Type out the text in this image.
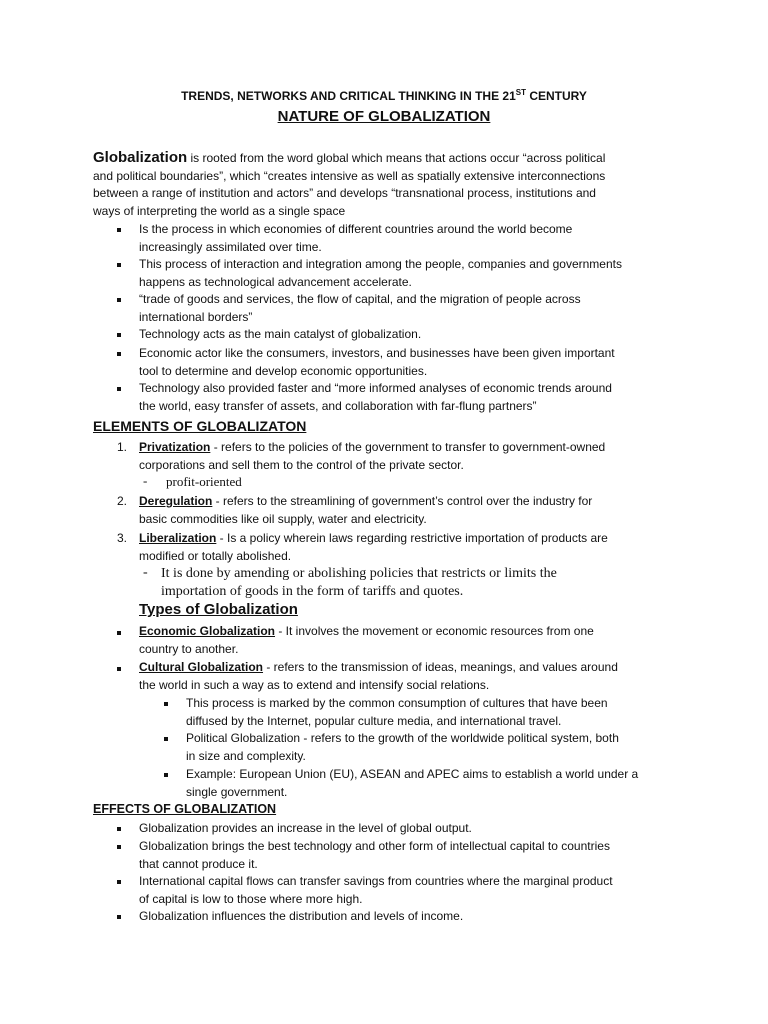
TRENDS, NETWORKS AND CRITICAL THINKING IN THE 21ST CENTURY
NATURE OF GLOBALIZATION
Globalization is rooted from the word global which means that actions occur “across political
and political boundaries”, which “creates intensive as well as spatially extensive interconnections
between a range of institution and actors” and develops “transnational process, institutions and
ways of interpreting the world as a single space
Is the process in which economies of different countries around the world become
increasingly assimilated over time.
This process of interaction and integration among the people, companies and governments
happens as technological advancement accelerate.
“trade of goods and services, the flow of capital, and the migration of people across
international borders”
Technology acts as the main catalyst of globalization.
Economic actor like the consumers, investors, and businesses have been given important
tool to determine and develop economic opportunities.
Technology also provided faster and “more informed analyses of economic trends around
the world, easy transfer of assets, and collaboration with far-flung partners”
ELEMENTS OF GLOBALIZATON
1. Privatization - refers to the policies of the government to transfer to government-owned
corporations and sell them to the control of the private sector.
- profit-oriented
2. Deregulation - refers to the streamlining of government’s control over the industry for
basic commodities like oil supply, water and electricity.
3. Liberalization - Is a policy wherein laws regarding restrictive importation of products are
modified or totally abolished.
- It is done by amending or abolishing policies that restricts or limits the
importation of goods in the form of tariffs and quotes.
Types of Globalization
Economic Globalization - It involves the movement or economic resources from one
country to another.
Cultural Globalization - refers to the transmission of ideas, meanings, and values around
the world in such a way as to extend and intensify social relations.
This process is marked by the common consumption of cultures that have been
diffused by the Internet, popular culture media, and international travel.
Political Globalization - refers to the growth of the worldwide political system, both
in size and complexity.
Example: European Union (EU), ASEAN and APEC aims to establish a world under a
single government.
EFFECTS OF GLOBALIZATION
Globalization provides an increase in the level of global output.
Globalization brings the best technology and other form of intellectual capital to countries
that cannot produce it.
International capital flows can transfer savings from countries where the marginal product
of capital is low to those where more high.
Globalization influences the distribution and levels of income.
